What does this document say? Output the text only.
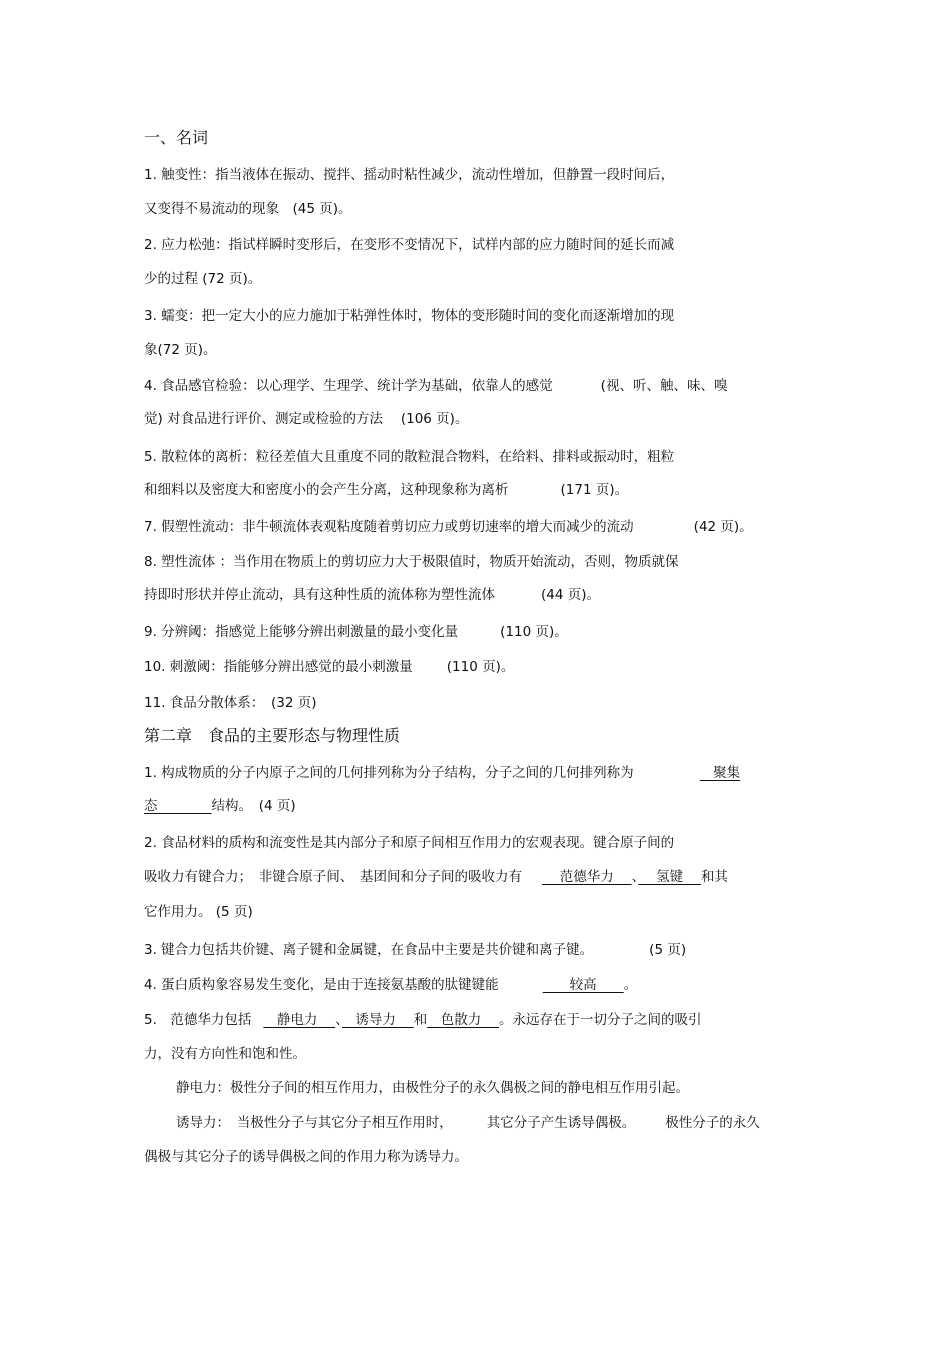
一、名词
1. 触变性：指当液体在振动、搅拌、摇动时粘性减少，流动性增加，但静置一段时间后，
又变得不易流动的现象　(45 页)。
2. 应力松弛：指试样瞬时变形后，在变形不变情况下，试样内部的应力随时间的延长而减
少的过程 (72 页)。
3. 蠕变：把一定大小的应力施加于粘弹性体时，物体的变形随时间的变化而逐渐增加的现
象(72 页)。
4. 食品感官检验：以心理学、生理学、统计学为基础，依靠人的感觉	(视、听、触、味、嗅
觉) 对食品进行评价、测定或检验的方法　 (106 页)。
5. 散粒体的离析：粒径差值大且重度不同的散粒混合物料，在给料、排料或振动时，粗粒
和细料以及密度大和密度小的会产生分离，这种现象称为离析	(171 页)。
7. 假塑性流动：非牛顿流体表观粘度随着剪切应力或剪切速率的增大而减少的流动	(42 页)。
8. 塑性流体 ：当作用在物质上的剪切应力大于极限值时，物质开始流动，否则，物质就保
持即时形状并停止流动，具有这种性质的流体称为塑性流体	(44 页)。
9. 分辨阈：指感觉上能够分辨出刺激量的最小变化量	(110 页)。
10. 刺激阈：指能够分辨出感觉的最小刺激量	(110 页)。
11. 食品分散体系：　(32 页)
第二章　食品的主要形态与物理性质
1. 构成物质的分子内原子之间的几何排列称为分子结构，分子之间的几何排列称为	　聚集
态　　　　结构。　(4 页)
2. 食品材料的质构和流变性是其内部分子和原子间相互作用力的宏观表现。键合原子间的
吸收力有键合力；　非键合原子间、　基团间和分子间的吸收力有　 范德华力　 、　 氢键　 和其
它作用力。 (5 页)
3. 键合力包括共价键、离子键和金属键，在食品中主要是共价键和离子键。	(5 页)
4. 蛋白质构象容易发生变化，是由于连接氨基酸的肽键键能	　　较高　　。
5.　范德华力包括　静电力　 、　诱导力　 和　色散力　 。永远存在于一切分子之间的吸引
力，没有方向性和饱和性。
静电力：极性分子间的相互作用力，由极性分子的永久偶极之间的静电相互作用引起。
诱导力：　当极性分子与其它分子相互作用时，	其它分子产生诱导偶极。 极性分子的永久
偶极与其它分子的诱导偶极之间的作用力称为诱导力。
